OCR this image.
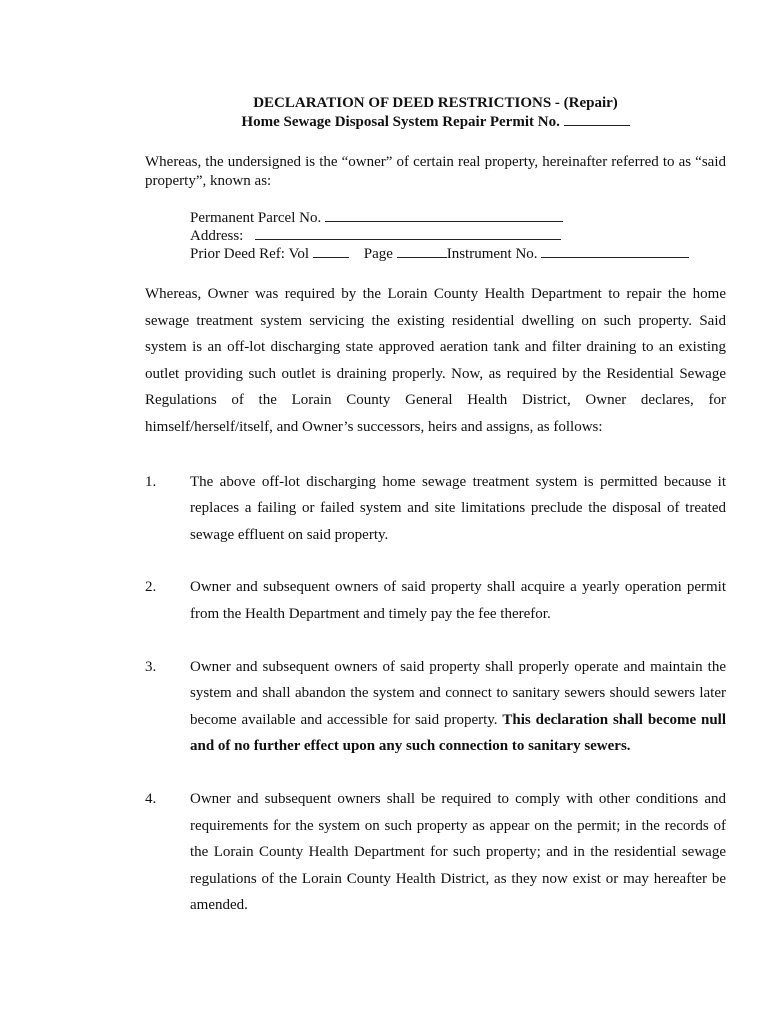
DECLARATION OF DEED RESTRICTIONS - (Repair)
Home Sewage Disposal System Repair Permit No.
Whereas, the undersigned is the “owner” of certain real property, hereinafter referred to as “said property”, known as:
Permanent Parcel No.
Address:
Prior Deed Ref: Vol	Page	Instrument No.
Whereas, Owner was required by the Lorain County Health Department to repair the home sewage treatment system servicing the existing residential dwelling on such property. Said system is an off-lot discharging state approved aeration tank and filter draining to an existing outlet providing such outlet is draining properly. Now, as required by the Residential Sewage Regulations of the Lorain County General Health District, Owner declares, for himself/herself/itself, and Owner’s successors, heirs and assigns, as follows:
1.	The above off-lot discharging home sewage treatment system is permitted because it replaces a failing or failed system and site limitations preclude the disposal of treated sewage effluent on said property.
2.	Owner and subsequent owners of said property shall acquire a yearly operation permit from the Health Department and timely pay the fee therefor.
3.	Owner and subsequent owners of said property shall properly operate and maintain the system and shall abandon the system and connect to sanitary sewers should sewers later become available and accessible for said property. This declaration shall become null and of no further effect upon any such connection to sanitary sewers.
4.	Owner and subsequent owners shall be required to comply with other conditions and requirements for the system on such property as appear on the permit; in the records of the Lorain County Health Department for such property; and in the residential sewage regulations of the Lorain County Health District, as they now exist or may hereafter be amended.
